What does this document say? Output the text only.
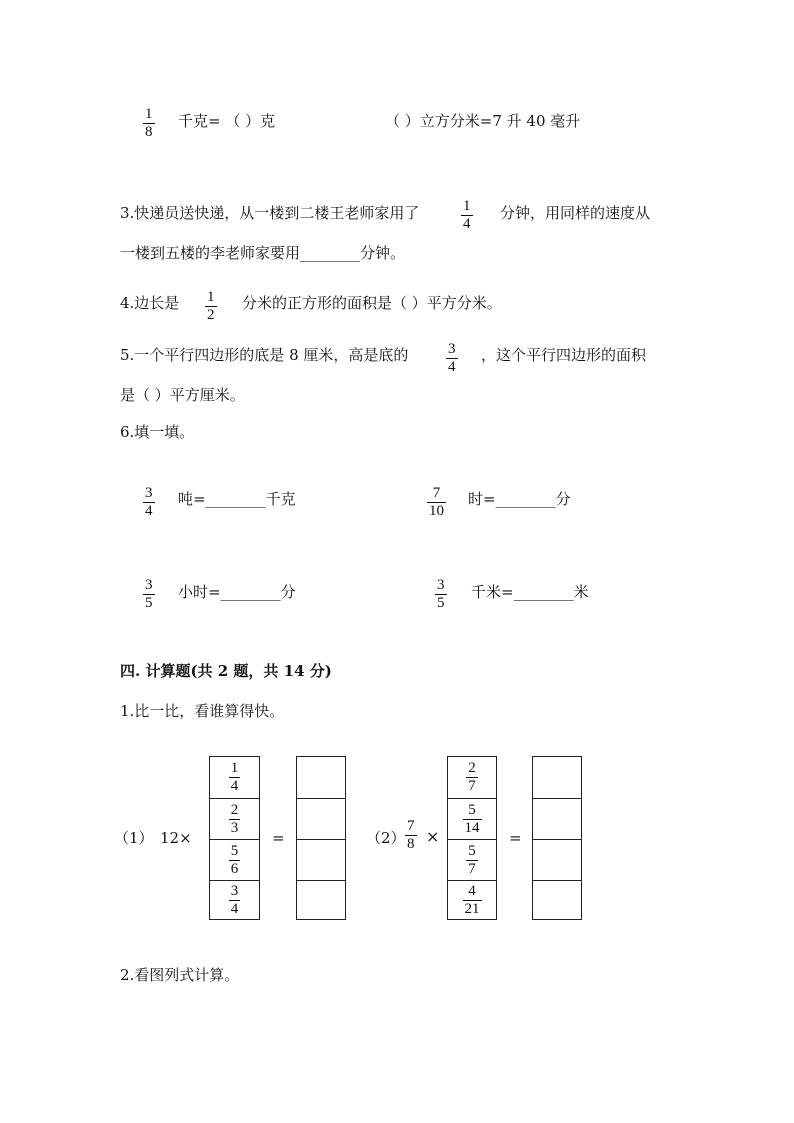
1
8
千克= （ ）克	（ ）立方分米=7 升 40 毫升
3.快递员送快递，从一楼到二楼王老师家用了	1
4
分钟，用同样的速度从
一楼到五楼的李老师家要用________分钟。
4.边长是 1
2
分米的正方形的面积是（ ）平方分米。
5.一个平行四边形的底是 8 厘米，高是底的	3
4
，这个平行四边形的面积
是（ ）平方厘米。
6.填一填。
3
4
吨=________千克	7
10
时=________分
3
5
小时=________分	3
5
千米=________米
四. 计算题(共 2 题，共 14 分)
1.比一比，看谁算得快。
（1） 12×
$\frac{1}{4}$
$\frac{2}{3}$
$\frac{5}{6}$
$\frac{3}{4}$
=	（2）
7
8 ×
$\frac{2}{7}$
$\frac{5}{14}$
$\frac{5}{7}$
$\frac{4}{21}$
=
2.看图列式计算。
